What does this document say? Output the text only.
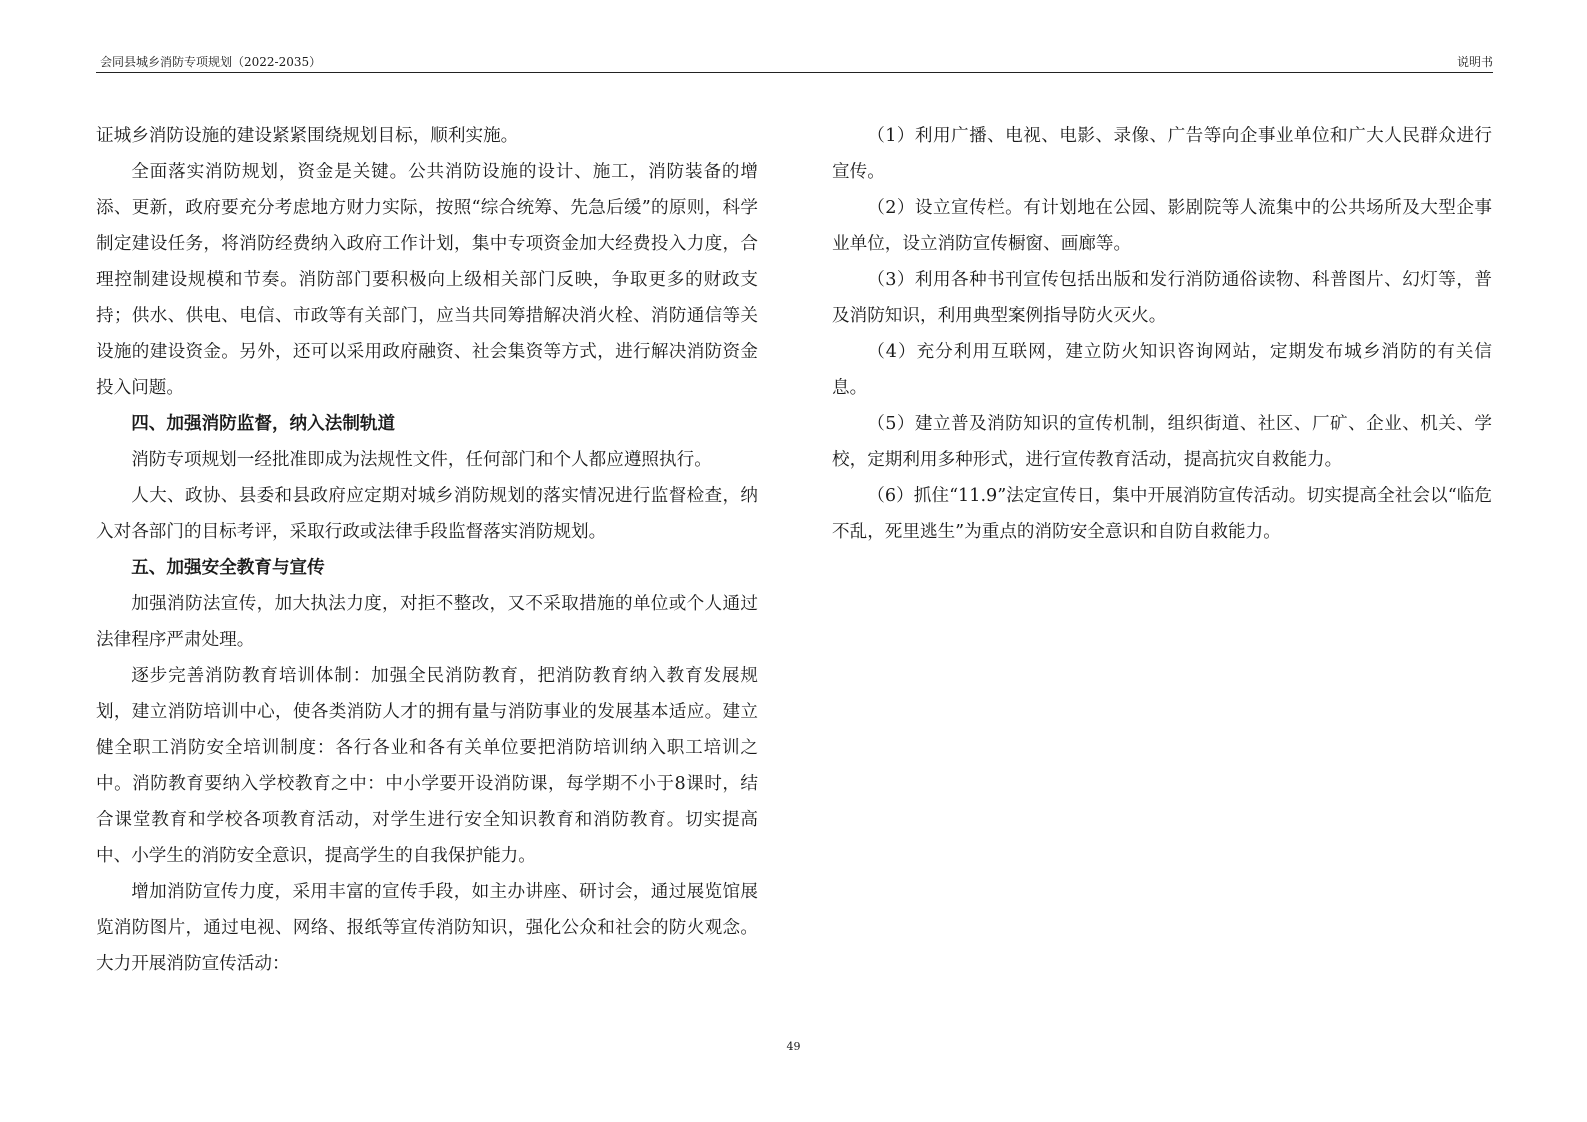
会同县城乡消防专项规划（2022-2035）	说明书

证城乡消防设施的建设紧紧围绕规划目标，顺利实施。

全面落实消防规划，资金是关键。公共消防设施的设计、施工，消防装备的增添、更新，政府要充分考虑地方财力实际，按照“综合统筹、先急后缓”的原则，科学制定建设任务，将消防经费纳入政府工作计划，集中专项资金加大经费投入力度，合理控制建设规模和节奏。消防部门要积极向上级相关部门反映，争取更多的财政支持；供水、供电、电信、市政等有关部门，应当共同筹措解决消火栓、消防通信等关设施的建设资金。另外，还可以采用政府融资、社会集资等方式，进行解决消防资金投入问题。

四、加强消防监督，纳入法制轨道

消防专项规划一经批准即成为法规性文件，任何部门和个人都应遵照执行。

人大、政协、县委和县政府应定期对城乡消防规划的落实情况进行监督检查，纳入对各部门的目标考评，采取行政或法律手段监督落实消防规划。

五、加强安全教育与宣传

加强消防法宣传，加大执法力度，对拒不整改，又不采取措施的单位或个人通过法律程序严肃处理。

逐步完善消防教育培训体制：加强全民消防教育，把消防教育纳入教育发展规划，建立消防培训中心，使各类消防人才的拥有量与消防事业的发展基本适应。建立健全职工消防安全培训制度：各行各业和各有关单位要把消防培训纳入职工培训之中。消防教育要纳入学校教育之中：中小学要开设消防课，每学期不小于8课时，结合课堂教育和学校各项教育活动，对学生进行安全知识教育和消防教育。切实提高中、小学生的消防安全意识，提高学生的自我保护能力。

增加消防宣传力度，采用丰富的宣传手段，如主办讲座、研讨会，通过展览馆展览消防图片，通过电视、网络、报纸等宣传消防知识，强化公众和社会的防火观念。大力开展消防宣传活动：

（1）利用广播、电视、电影、录像、广告等向企事业单位和广大人民群众进行宣传。

（2）设立宣传栏。有计划地在公园、影剧院等人流集中的公共场所及大型企事业单位，设立消防宣传橱窗、画廊等。

（3）利用各种书刊宣传包括出版和发行消防通俗读物、科普图片、幻灯等，普及消防知识，利用典型案例指导防火灭火。

（4）充分利用互联网，建立防火知识咨询网站，定期发布城乡消防的有关信息。

（5）建立普及消防知识的宣传机制，组织街道、社区、厂矿、企业、机关、学校，定期利用多种形式，进行宣传教育活动，提高抗灾自救能力。

（6）抓住“11.9”法定宣传日，集中开展消防宣传活动。切实提高全社会以“临危不乱，死里逃生”为重点的消防安全意识和自防自救能力。

49
